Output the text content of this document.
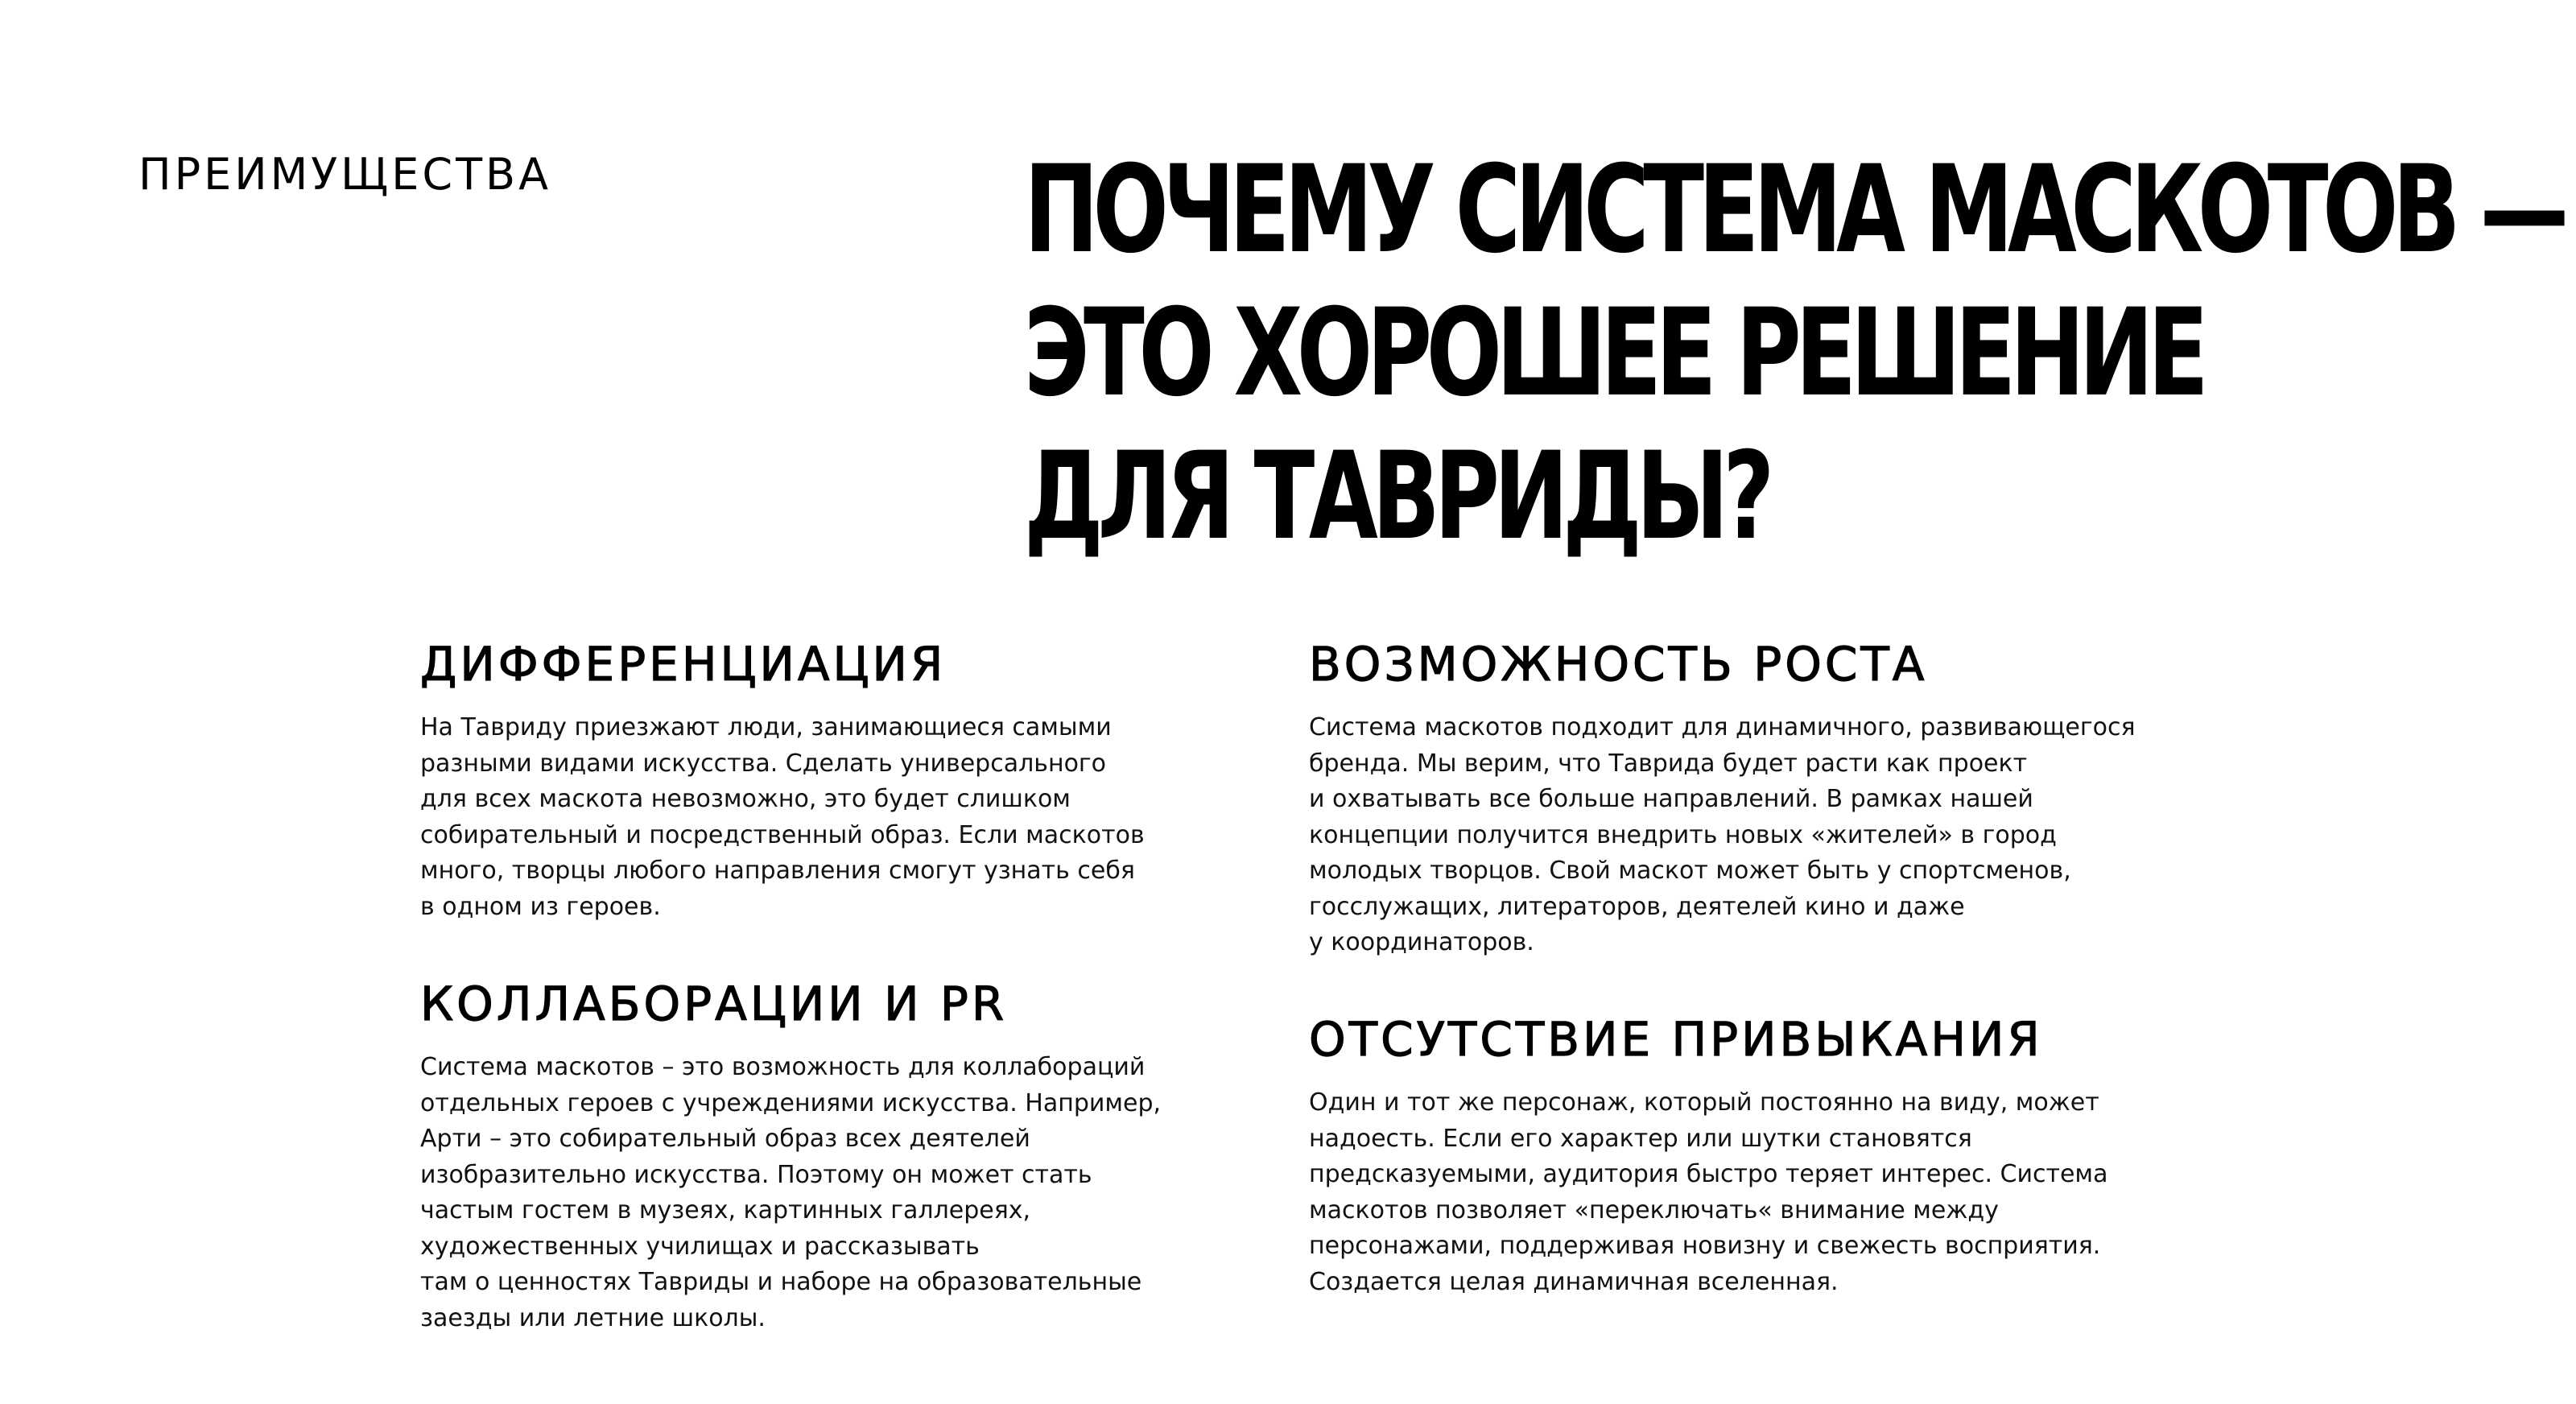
ПРЕИМУЩЕСТВА	ПОЧЕМУ СИСТЕМА МАСКОТОВ —
ЭТО ХОРОШЕЕ РЕШЕНИЕ
ДЛЯ ТАВРИДЫ?
ДИФФЕРЕНЦИАЦИЯ
На Тавриду приезжают люди, занимающиеся самыми
разными видами искусства. Сделать универсального
для всех маскота невозможно, это будет слишком
собирательный и посредственный образ. Если маскотов
много, творцы любого направления смогут узнать себя
в одном из героев.
КОЛЛАБОРАЦИИ И PR
Система маскотов – это возможность для коллабораций
отдельных героев с учреждениями искусства. Например,
Арти – это собирательный образ всех деятелей
изобразительно искусства. Поэтому он может стать
частым гостем в музеях, картинных галлереях,
художественных училищах и рассказывать
там о ценностях Тавриды и наборе на образовательные
заезды или летние школы.
ВОЗМОЖНОСТЬ РОСТА
Система маскотов подходит для динамичного, развивающегося
бренда. Мы верим, что Таврида будет расти как проект
и охватывать все больше направлений. В рамках нашей
концепции получится внедрить новых «жителей» в город
молодых творцов. Свой маскот может быть у спортсменов,
госслужащих, литераторов, деятелей кино и даже
у координаторов.
ОТСУТСТВИЕ ПРИВЫКАНИЯ
Один и тот же персонаж, который постоянно на виду, может
надоесть. Если его характер или шутки становятся
предсказуемыми, аудитория быстро теряет интерес. Система
маскотов позволяет «переключать« внимание между
персонажами, поддерживая новизну и свежесть восприятия.
Создается целая динамичная вселенная.
